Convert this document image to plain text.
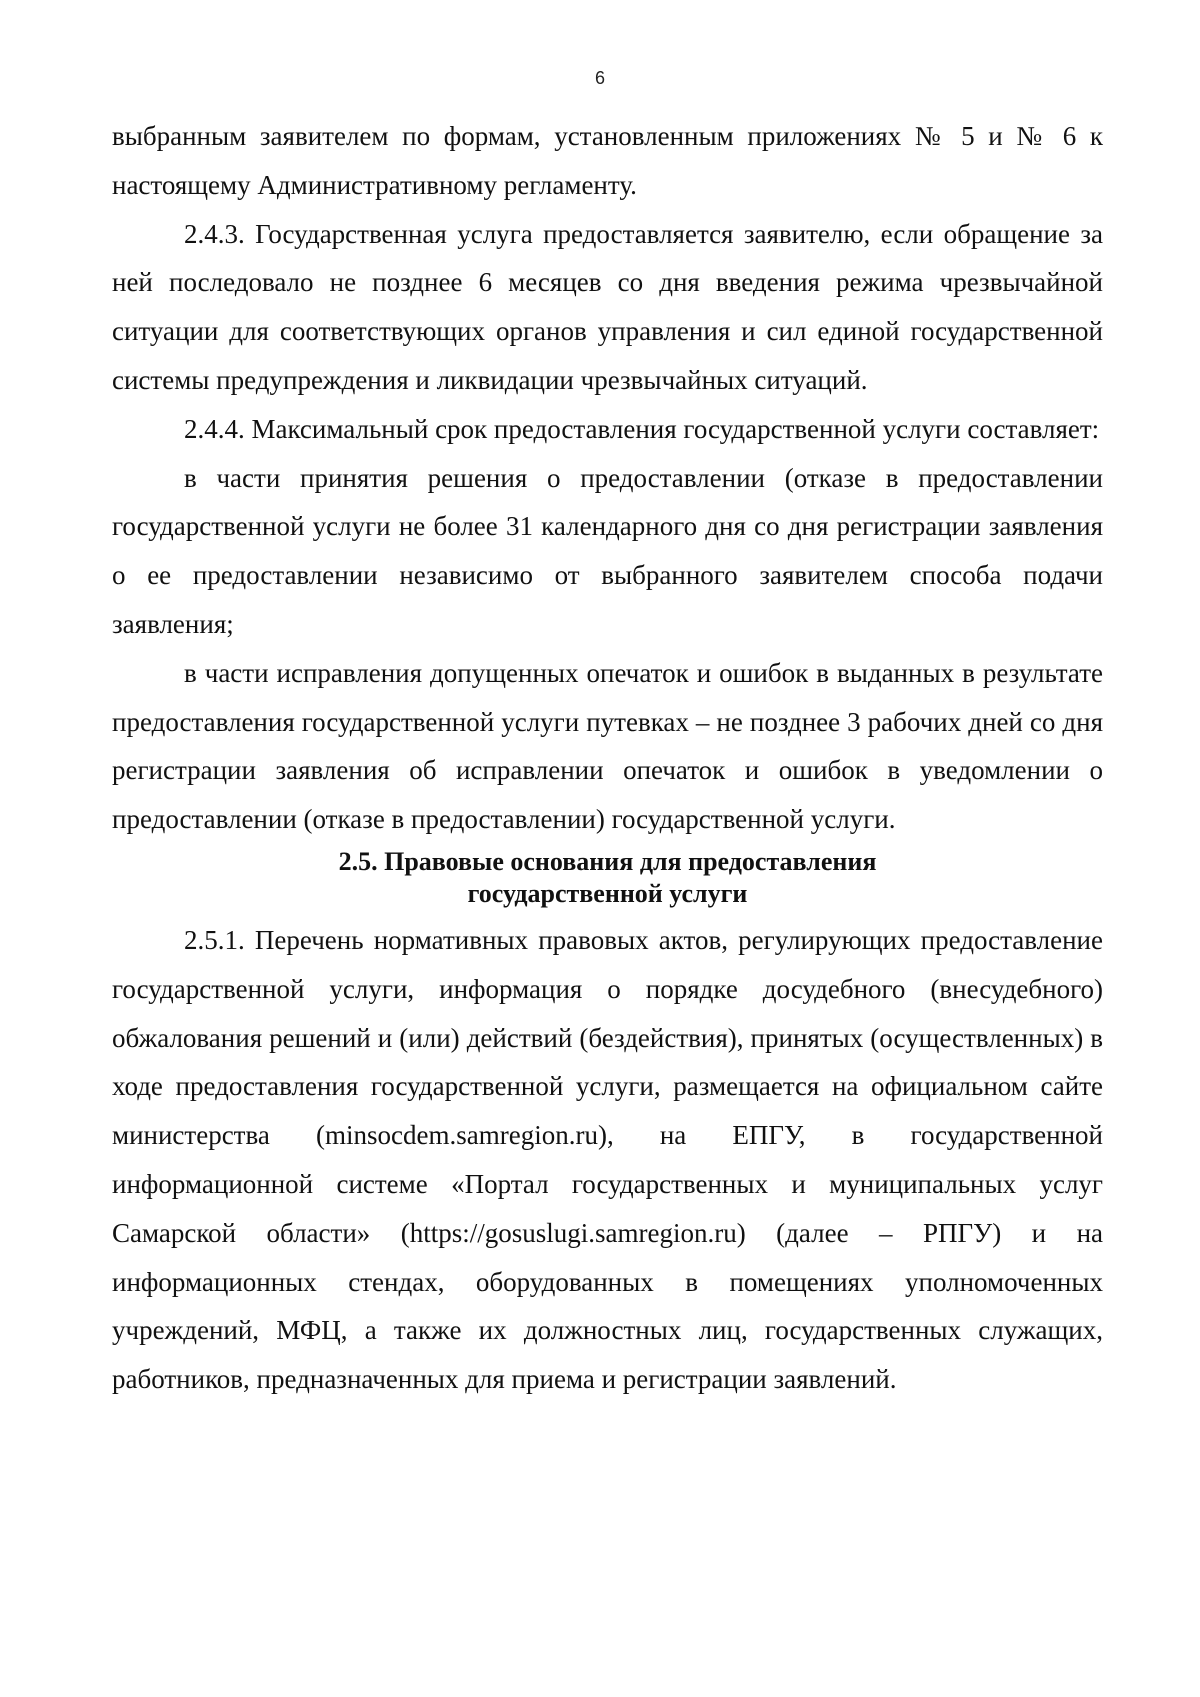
6

выбранным заявителем по формам, установленным приложениях № 5 и № 6 к настоящему Административному регламенту.

2.4.3. Государственная услуга предоставляется заявителю, если обращение за ней последовало не позднее 6 месяцев со дня введения режима чрезвычайной ситуации для соответствующих органов управления и сил единой государственной системы предупреждения и ликвидации чрезвычайных ситуаций.

2.4.4. Максимальный срок предоставления государственной услуги составляет:

в части принятия решения о предоставлении (отказе в предоставлении государственной услуги не более 31 календарного дня со дня регистрации заявления о ее предоставлении независимо от выбранного заявителем способа подачи заявления;

в части исправления допущенных опечаток и ошибок в выданных в результате предоставления государственной услуги путевках – не позднее 3 рабочих дней со дня регистрации заявления об исправлении опечаток и ошибок в уведомлении о предоставлении (отказе в предоставлении) государственной услуги.

2.5. Правовые основания для предоставления
государственной услуги

2.5.1. Перечень нормативных правовых актов, регулирующих предоставление государственной услуги, информация о порядке досудебного (внесудебного) обжалования решений и (или) действий (бездействия), принятых (осуществленных) в ходе предоставления государственной услуги, размещается на официальном сайте министерства (minsocdem.samregion.ru), на ЕПГУ, в государственной информационной системе «Портал государственных и муниципальных услуг Самарской области» (https://gosuslugi.samregion.ru) (далее – РПГУ) и на информационных стендах, оборудованных в помещениях уполномоченных учреждений, МФЦ, а также их должностных лиц, государственных служащих, работников, предназначенных для приема и регистрации заявлений.
